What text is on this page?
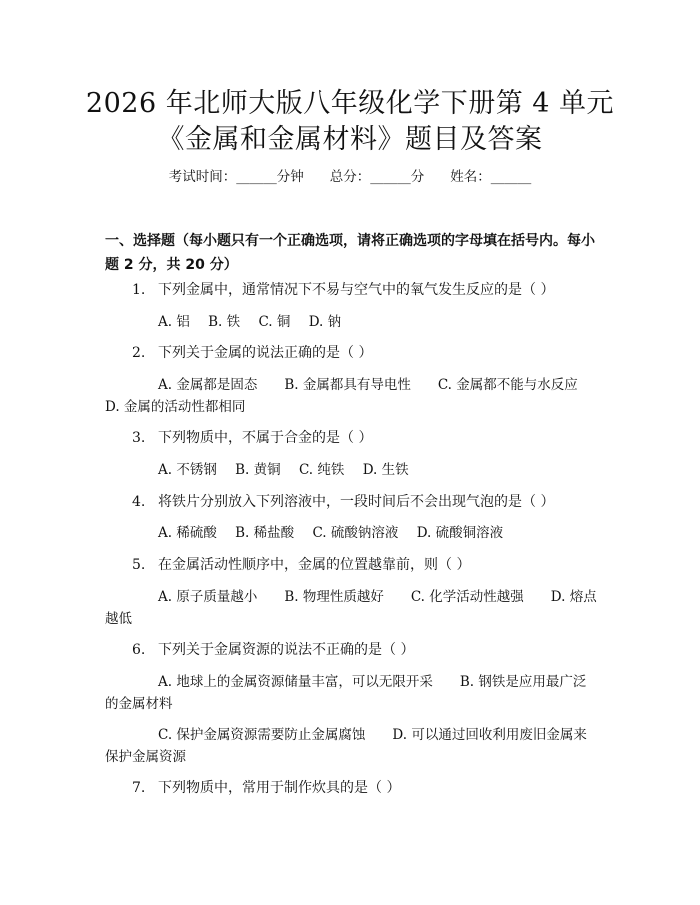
2026 年北师大版八年级化学下册第 4 单元
《金属和金属材料》题目及答案
考试时间：______分钟 总分：______分 姓名：______
一、选择题（每小题只有一个正确选项，请将正确选项的字母填在括号内。每小
题 2 分，共 20 分）
1. 下列金属中，通常情况下不易与空气中的氧气发生反应的是（ ）
A. 铝 B. 铁 C. 铜 D. 钠
2. 下列关于金属的说法正确的是（ ）
A. 金属都是固态　　B. 金属都具有导电性　　C. 金属都不能与水反应
D. 金属的活动性都相同
3. 下列物质中，不属于合金的是（ ）
A. 不锈钢 B. 黄铜 C. 纯铁 D. 生铁
4. 将铁片分别放入下列溶液中，一段时间后不会出现气泡的是（ ）
A. 稀硫酸 B. 稀盐酸 C. 硫酸钠溶液 D. 硫酸铜溶液
5. 在金属活动性顺序中，金属的位置越靠前，则（ ）
A. 原子质量越小　　B. 物理性质越好　　C. 化学活动性越强　　D. 熔点
越低
6. 下列关于金属资源的说法不正确的是（ ）
A. 地球上的金属资源储量丰富，可以无限开采　　B. 钢铁是应用最广泛
的金属材料
C. 保护金属资源需要防止金属腐蚀　　D. 可以通过回收利用废旧金属来
保护金属资源
7. 下列物质中，常用于制作炊具的是（ ）
